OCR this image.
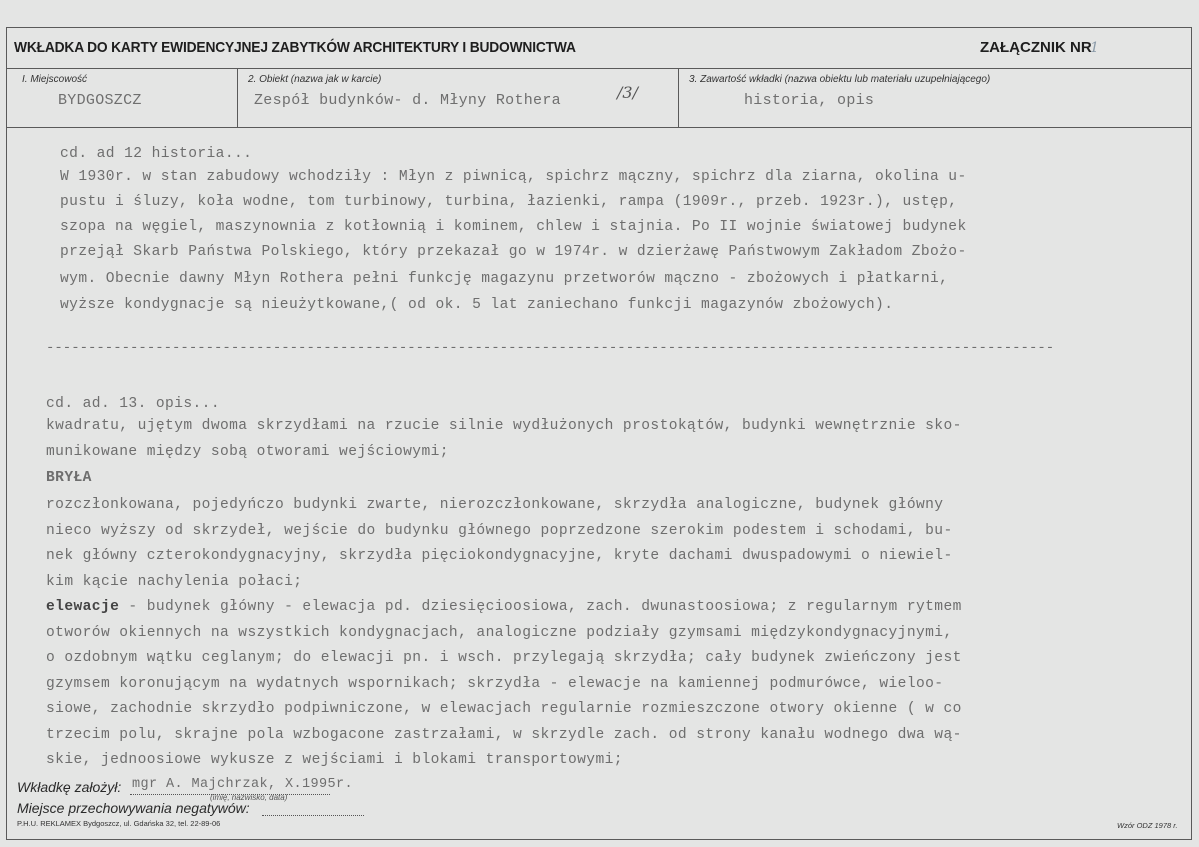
WKŁADKA DO KARTY EWIDENCYJNEJ ZABYTKÓW ARCHITEKTURY I BUDOWNICTWA	ZAŁĄCZNIK NR
1
I. Miejscowość
BYDGOSZCZ
2. Obiekt (nazwa jak w karcie)
Zespół budynków- d. Młyny Rothera	/3/
3. Zawartość wkładki (nazwa obiektu lub materiału uzupełniającego)
historia, opis
cd. ad 12 historia...
W 1930r. w stan zabudowy wchodziły : Młyn z piwnicą, spichrz mączny, spichrz dla ziarna, okolina u-
pustu i śluzy, koła wodne, tom turbinowy, turbina, łazienki, rampa (1909r., przeb. 1923r.), ustęp,
szopa na węgiel, maszynownia z kotłownią i kominem, chlew i stajnia. Po II wojnie światowej budynek
przejął Skarb Państwa Polskiego, który przekazał go w 1974r. w dzierżawę Państwowym Zakładom Zbożo-
wym. Obecnie dawny Młyn Rothera pełni funkcję magazynu przetworów mączno - zbożowych i płatkarni,
wyższe kondygnacje są nieużytkowane,( od ok. 5 lat zaniechano funkcji magazynów zbożowych).
------------------------------------------------------------------------------------------------------------------------
cd. ad. 13. opis...
kwadratu, ujętym dwoma skrzydłami na rzucie silnie wydłużonych prostokątów, budynki wewnętrznie sko-
munikowane między sobą otworami wejściowymi;
BRYŁA
rozczłonkowana, pojedyńczo budynki zwarte, nierozczłonkowane, skrzydła analogiczne, budynek główny
nieco wyższy od skrzydeł, wejście do budynku głównego poprzedzone szerokim podestem i schodami, bu-
nek główny czterokondygnacyjny, skrzydła pięciokondygnacyjne, kryte dachami dwuspadowymi o niewiel-
kim kącie nachylenia połaci;
elewacje - budynek główny - elewacja pd. dziesięcioosiowa, zach. dwunastoosiowa; z regularnym rytmem
otworów okiennych na wszystkich kondygnacjach, analogiczne podziały gzymsami międzykondygnacyjnymi,
o ozdobnym wątku ceglanym; do elewacji pn. i wsch. przylegają skrzydła; cały budynek zwieńczony jest
gzymsem koronującym na wydatnych wspornikach; skrzydła - elewacje na kamiennej podmurówce, wieloo-
siowe, zachodnie skrzydło podpiwniczone, w elewacjach regularnie rozmieszczone otwory okienne ( w co
trzecim polu, skrajne pola wzbogacone zastrzałami, w skrzydle zach. od strony kanału wodnego dwa wą-
skie, jednoosiowe wykusze z wejściami i blokami transportowymi;
Wkładkę założył: mgr A. Majchrzak, X.1995r.
(imię, nazwisko, data)
Miejsce przechowywania negatywów:
P.H.U. REKLAMEX Bydgoszcz, ul. Gdańska 32, tel. 22-89-06	Wzór ODZ 1978 r.
